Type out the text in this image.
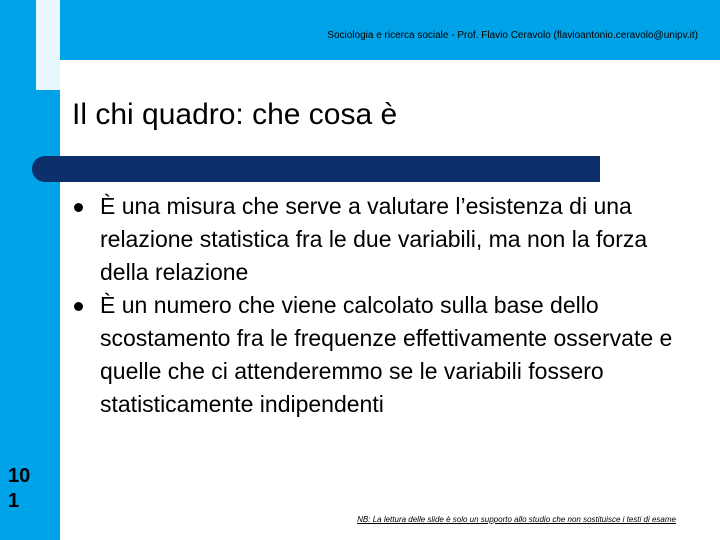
Sociologia e ricerca sociale - Prof. Flavio Ceravolo (flavioantonio.ceravolo@unipv.it)
Il chi quadro: che cosa è
È una misura che serve a valutare l’esistenza di una relazione statistica fra le due variabili, ma non la forza della relazione
È un numero che viene calcolato sulla base dello scostamento fra le frequenze effettivamente osservate e quelle che ci attenderemmo se le variabili fossero statisticamente indipendenti
10
1
NB: La lettura delle slide è solo un supporto allo studio che non sostituisce i testi di esame
